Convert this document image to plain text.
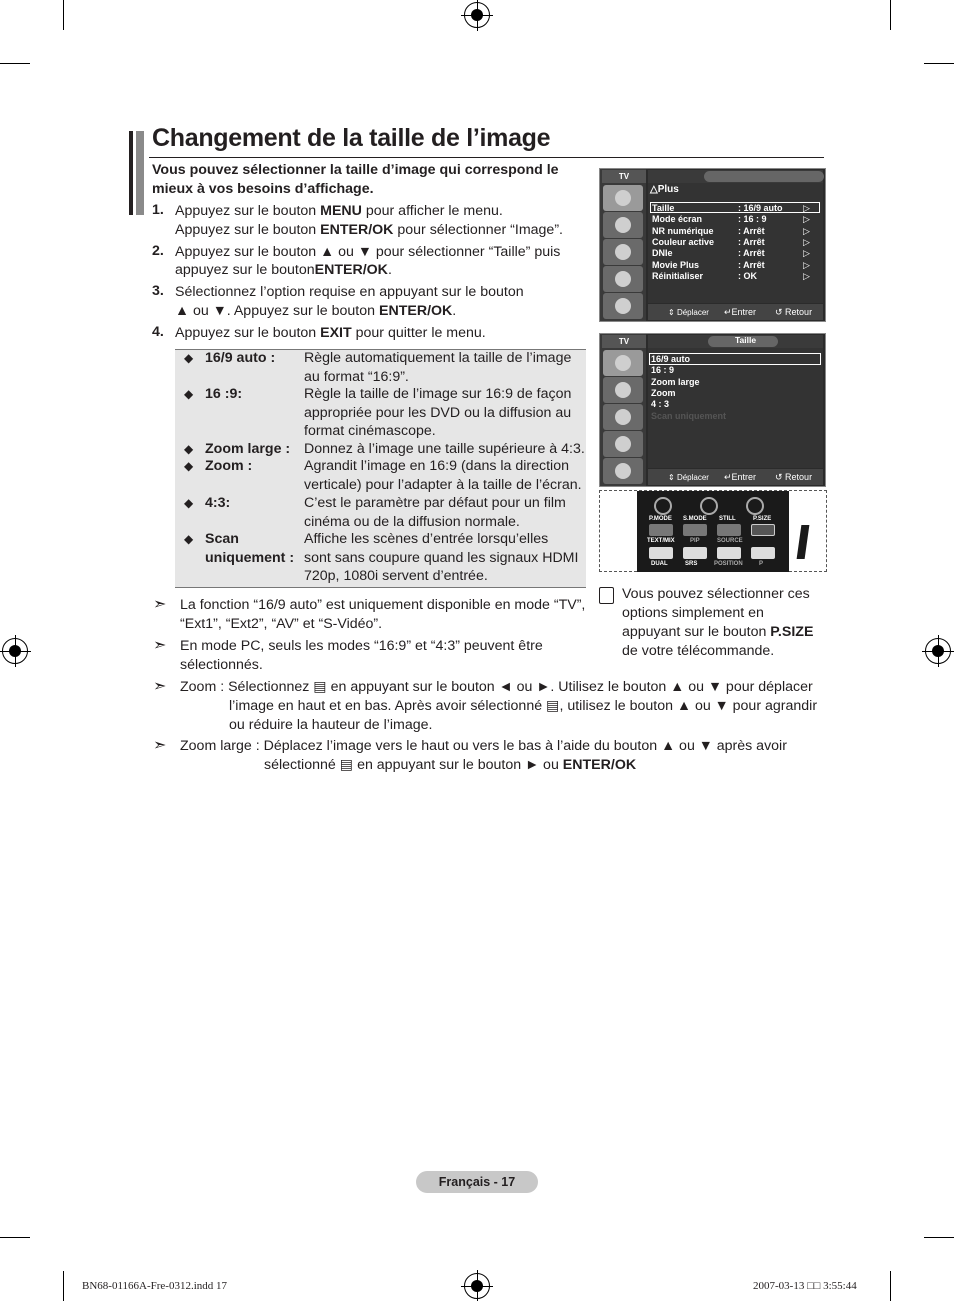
Changement de la taille de l’image
Vous pouvez sélectionner la taille d’image qui correspond le
mieux à vos besoins d’affichage.
1. Appuyez sur le bouton MENU pour afficher le menu.
Appuyez sur le bouton ENTER/OK pour sélectionner “Image”.
2. Appuyez sur le bouton ▲ ou ▼ pour sélectionner “Taille” puis
appuyez sur le boutonENTER/OK.
3. Sélectionnez l’option requise en appuyant sur le bouton
▲ ou ▼. Appuyez sur le bouton ENTER/OK.
4. Appuyez sur le bouton EXIT pour quitter le menu.
◆ 16/9 auto : Règle automatiquement la taille de l’image
au format “16:9”.
◆ 16 :9:	Règle la taille de l’image sur 16:9 de façon
appropriée pour les DVD ou la diffusion au
format cinémascope.
◆ Zoom large : Donnez à l’image une taille supérieure à 4:3.
◆ Zoom :	Agrandit l’image en 16:9 (dans la direction
verticale) pour l’adapter à la taille de l’écran.
◆ 4:3:	C’est le paramètre par défaut pour un film
cinéma ou de la diffusion normale.
◆ Scan
uniquement :
Affiche les scènes d’entrée lorsqu’elles
sont sans coupure quand les signaux HDMI
720p, 1080i servent d’entrée.
➣ La fonction “16/9 auto” est uniquement disponible en mode “TV”,
“Ext1”, “Ext2”, “AV” et “S-Vidéo”.
➣ En mode PC, seuls les modes “16:9” et “4:3” peuvent être
sélectionnés.
➣ Zoom : Sélectionnez ▤ en appuyant sur le bouton ◄ ou ►. Utilisez le bouton ▲ ou ▼ pour déplacer
l’image en haut et en bas. Après avoir sélectionné ▤, utilisez le bouton ▲ ou ▼ pour agrandir
ou réduire la hauteur de l’image.
➣ Zoom large : Déplacez l’image vers le haut ou vers le bas à l’aide du bouton ▲ ou ▼ après avoir
sélectionné ▤ en appuyant sur le bouton ► ou ENTER/OK
TV
△Plus
⇕ Déplacer ↵Entrer ↺ Retour
Taille	: 16/9 auto ▷
Mode écran	: 16 : 9	▷
NR numérique	: Arrêt	▷
Couleur active	: Arrêt	▷
DNIe	: Arrêt	▷
Movie Plus	: Arrêt	▷
Réinitialiser	: OK	▷
TV	Taille
⇕ Déplacer ↵Entrer ↺ Retour
16/9 auto
16 : 9
Zoom large
Zoom
4 : 3
Scan uniquement
P.MODE S.MODE STILL	P.SIZE
TEXT/MIX	PIP	SOURCE
DUAL	SRS	POSITION	P
Vous pouvez sélectionner ces
options simplement en
appuyant sur le bouton P.SIZE
de votre télécommande.
Français - 17
BN68-01166A-Fre-0312.indd 17	2007-03-13 □□ 3:55:44
